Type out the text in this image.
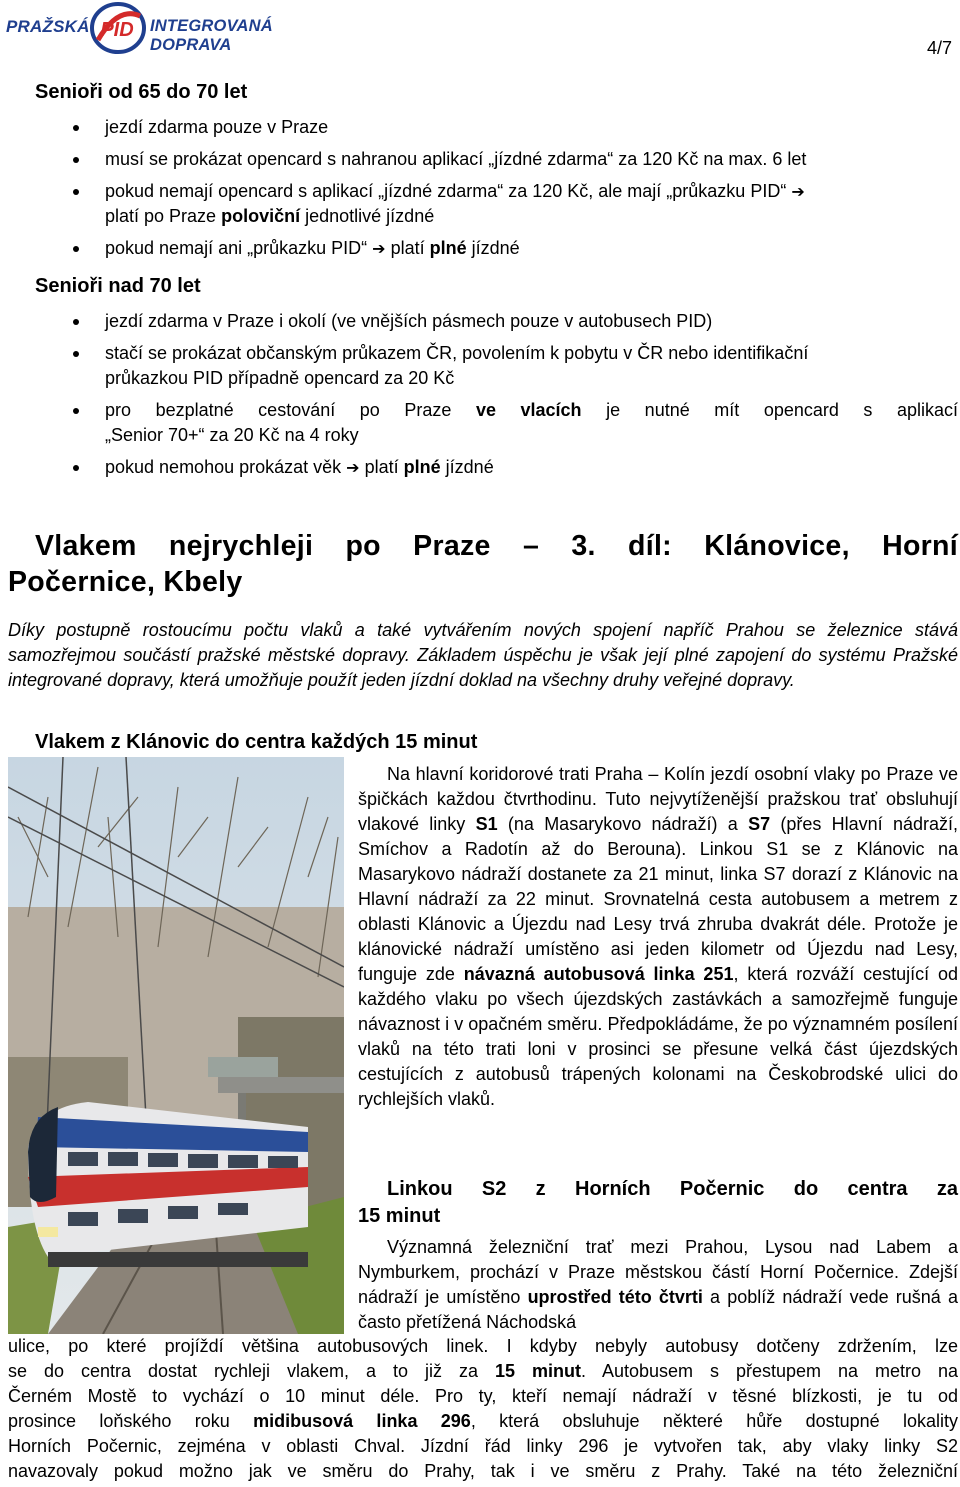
PRAŽSKÁ PID INTEGROVANÁ DOPRAVA	4/7
Senioři od 65 do 70 let
jezdí zdarma pouze v Praze
musí se prokázat opencard s nahranou aplikací „jízdné zdarma“ za 120 Kč na max. 6 let
pokud nemají opencard s aplikací „jízdné zdarma“ za 120 Kč, ale mají „průkazku PID“ ➔
platí po Praze poloviční jednotlivé jízdné
pokud nemají ani „průkazku PID“ ➔ platí plné jízdné
Senioři nad 70 let
jezdí zdarma v Praze i okolí (ve vnějších pásmech pouze v autobusech PID)
stačí se prokázat občanským průkazem ČR, povolením k pobytu v ČR nebo identifikační
průkazkou PID případně opencard za 20 Kč
pro bezplatné cestování po Praze ve vlacích je nutné mít opencard s aplikací
„Senior 70+“ za 20 Kč na 4 roky
pokud nemohou prokázat věk ➔ platí plné jízdné
Vlakem nejrychleji po Praze – 3. díl: Klánovice, Horní
Počernice, Kbely
Díky postupně rostoucímu počtu vlaků a také vytvářením nových spojení napříč Prahou se železnice stává samozřejmou součástí pražské městské dopravy. Základem úspěchu je však její plné zapojení do systému Pražské integrované dopravy, která umožňuje použít jeden jízdní doklad na všechny druhy veřejné dopravy.
Vlakem z Klánovic do centra každých 15 minut
Na hlavní koridorové trati Praha – Kolín jezdí osobní vlaky po Praze ve špičkách každou čtvrthodinu. Tuto nejvytíženější pražskou trať obsluhují vlakové linky S1 (na Masarykovo nádraží) a S7 (přes Hlavní nádraží, Smíchov a Radotín až do Berouna). Linkou S1 se z Klánovic na Masarykovo nádraží dostanete za 21 minut, linka S7 dorazí z Klánovic na Hlavní nádraží za 22 minut. Srovnatelná cesta autobusem a metrem z oblasti Klánovic a Újezdu nad Lesy trvá zhruba dvakrát déle. Protože je klánovické nádraží umístěno asi jeden kilometr od Újezdu nad Lesy, funguje zde návazná autobusová linka 251, která rozváží cestující od každého vlaku po všech újezdských zastávkách a samozřejmě funguje návaznost i v opačném směru. Předpokládáme, že po významném posílení vlaků na této trati loni v prosinci se přesune velká část újezdských cestujících z autobusů trápených kolonami na Českobrodské ulici do rychlejších vlaků.
Linkou S2 z Horních Počernic do centra za
15 minut
Významná železniční trať mezi Prahou, Lysou nad Labem a Nymburkem, prochází v Praze městskou částí Horní Počernice. Zdejší nádraží je umístěno uprostřed této čtvrti a poblíž nádraží vede rušná a často přetížená Náchodská
ulice, po které projíždí většina autobusových linek. I kdyby nebyly autobusy dotčeny zdržením, lze
se do centra dostat rychleji vlakem, a to již za 15 minut. Autobusem s přestupem na metro na
Černém Mostě to vychází o 10 minut déle. Pro ty, kteří nemají nádraží v těsné blízkosti, je tu od
prosince loňského roku midibusová linka 296, která obsluhuje některé hůře dostupné lokality
Horních Počernic, zejména v oblasti Chval. Jízdní řád linky 296 je vytvořen tak, aby vlaky linky S2
navazovaly pokud možno jak ve směru do Prahy, tak i ve směru z Prahy. Také na této železniční
